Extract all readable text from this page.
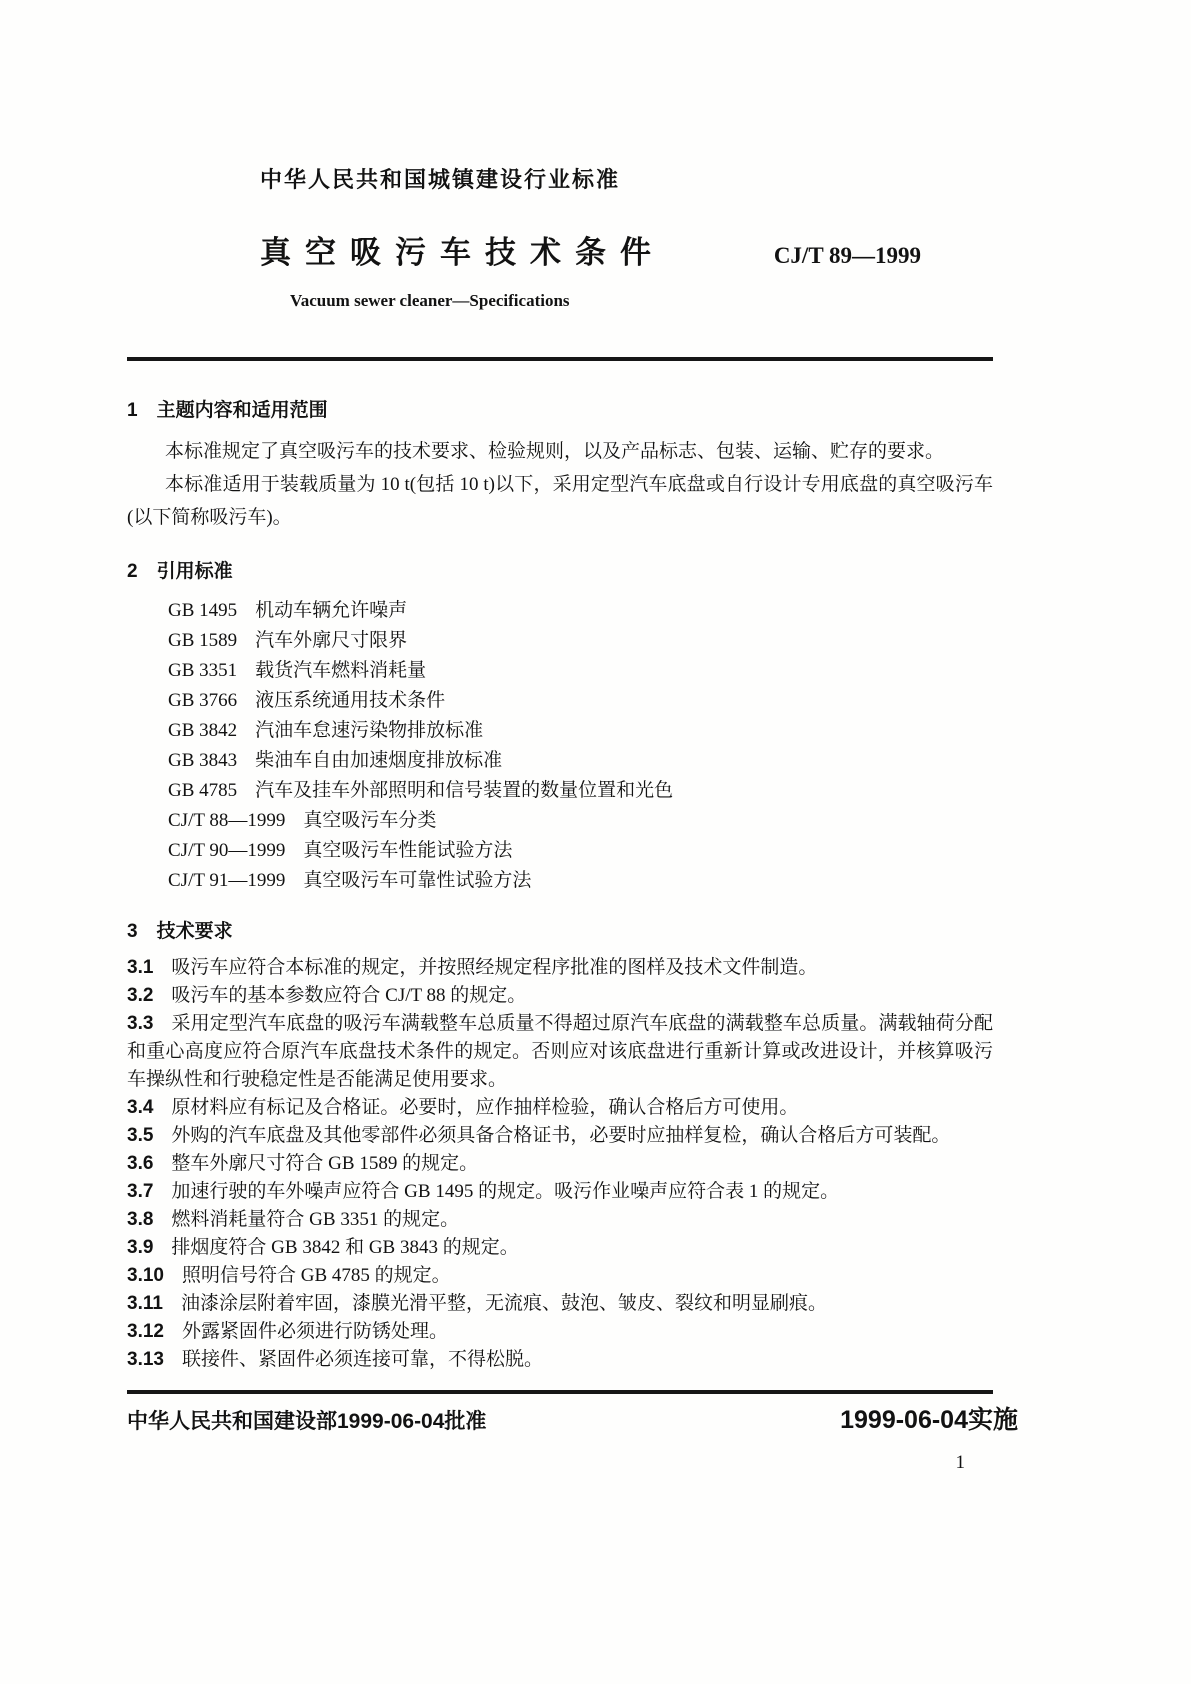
中华人民共和国城镇建设行业标准
真空吸污车技术条件	CJ/T 89—1999
Vacuum sewer cleaner—Specifications
1　主题内容和适用范围

本标准规定了真空吸污车的技术要求、检验规则，以及产品标志、包装、运输、贮存的要求。

本标准适用于装载质量为 10 t(包括 10 t)以下，采用定型汽车底盘或自行设计专用底盘的真空吸污车(以下简称吸污车)。

2　引用标准
GB 1495 机动车辆允许噪声
GB 1589 汽车外廓尺寸限界
GB 3351 载货汽车燃料消耗量
GB 3766 液压系统通用技术条件
GB 3842 汽油车怠速污染物排放标准
GB 3843 柴油车自由加速烟度排放标准
GB 4785 汽车及挂车外部照明和信号装置的数量位置和光色
CJ/T 88—1999 真空吸污车分类
CJ/T 90—1999 真空吸污车性能试验方法
CJ/T 91—1999 真空吸污车可靠性试验方法
3　技术要求

3.1 吸污车应符合本标准的规定，并按照经规定程序批准的图样及技术文件制造。

3.2 吸污车的基本参数应符合 CJ/T 88 的规定。

3.3 采用定型汽车底盘的吸污车满载整车总质量不得超过原汽车底盘的满载整车总质量。满载轴荷分配和重心高度应符合原汽车底盘技术条件的规定。否则应对该底盘进行重新计算或改进设计，并核算吸污车操纵性和行驶稳定性是否能满足使用要求。

3.4 原材料应有标记及合格证。必要时，应作抽样检验，确认合格后方可使用。

3.5 外购的汽车底盘及其他零部件必须具备合格证书，必要时应抽样复检，确认合格后方可装配。

3.6 整车外廓尺寸符合 GB 1589 的规定。

3.7 加速行驶的车外噪声应符合 GB 1495 的规定。吸污作业噪声应符合表 1 的规定。

3.8 燃料消耗量符合 GB 3351 的规定。

3.9 排烟度符合 GB 3842 和 GB 3843 的规定。

3.10 照明信号符合 GB 4785 的规定。

3.11 油漆涂层附着牢固，漆膜光滑平整，无流痕、鼓泡、皱皮、裂纹和明显刷痕。

3.12 外露紧固件必须进行防锈处理。

3.13 联接件、紧固件必须连接可靠，不得松脱。

中华人民共和国建设部1999-06-04批准	1999-06-04实施
1
